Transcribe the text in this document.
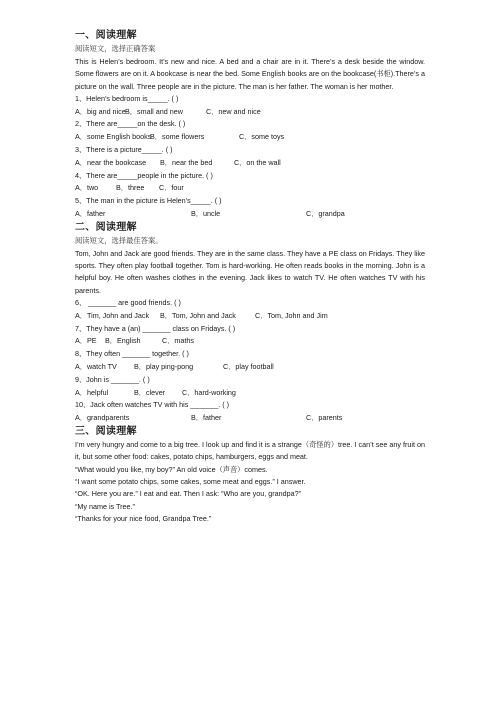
一、阅读理解

阅读短文，选择正确答案

This is Helen’s bedroom. It’s new and nice. A bed and a chair are in it. There’s a desk beside the window. Some flowers are on it. A bookcase is near the bed. Some English books are on the bookcase(书柜).There’s a picture on the wall. Three people are in the picture. The man is her father. The woman is her mother.

1、Helen’s bedroom is_____. ( )

A．big and nice B．small and new	C．new and nice

2、There are_____on the desk. ( )

A．some English books
B．some flowers	C．some toys

3、There is a picture_____. ( )

A．near the bookcase	B．near the bed	C．on the wall

4、There are_____people in the picture. ( )

A．two	B．three	C．four

5、The man in the picture is Helen’s_____. ( )

A．father	B．uncle	C．grandpa

二、阅读理解

阅读短文，选择最佳答案。

Tom, John and Jack are good friends. They are in the same class. They have a PE class on Fridays. They like sports. They often play football together. Tom is hard-working. He often reads books in the morning. John is a helpful boy. He often washes clothes in the evening. Jack likes to watch TV. He often watches TV with his parents.

6、 _______ are good friends. ( )

A．Tim, John and Jack	B．Tom, John and Jack	C．Tom, John and Jim

7、They have a (an) _______ class on Fridays. ( )

A．PE	B．English	C．maths

8、They often _______ together. ( )

A．watch TV	B．play ping-pong	C．play football

9、John is _______. ( )

A．helpful	B．clever	C．hard-working

10、Jack often watches TV with his _______. ( )

A．grandparents	B．father	C．parents

三、阅读理解

I’m very hungry and come to a big tree. I look up and find it is a strange（奇怪的）tree. I can’t see any fruit on it, but some other food: cakes, potato chips, hamburgers, eggs and meat.

“What would you like, my boy?” An old voice（声音）comes.

“I want some potato chips, some cakes, some meat and eggs.” I answer.

“OK. Here you are.” I eat and eat. Then I ask: “Who are you, grandpa?”

“My name is Tree.”

“Thanks for your nice food, Grandpa Tree.”
